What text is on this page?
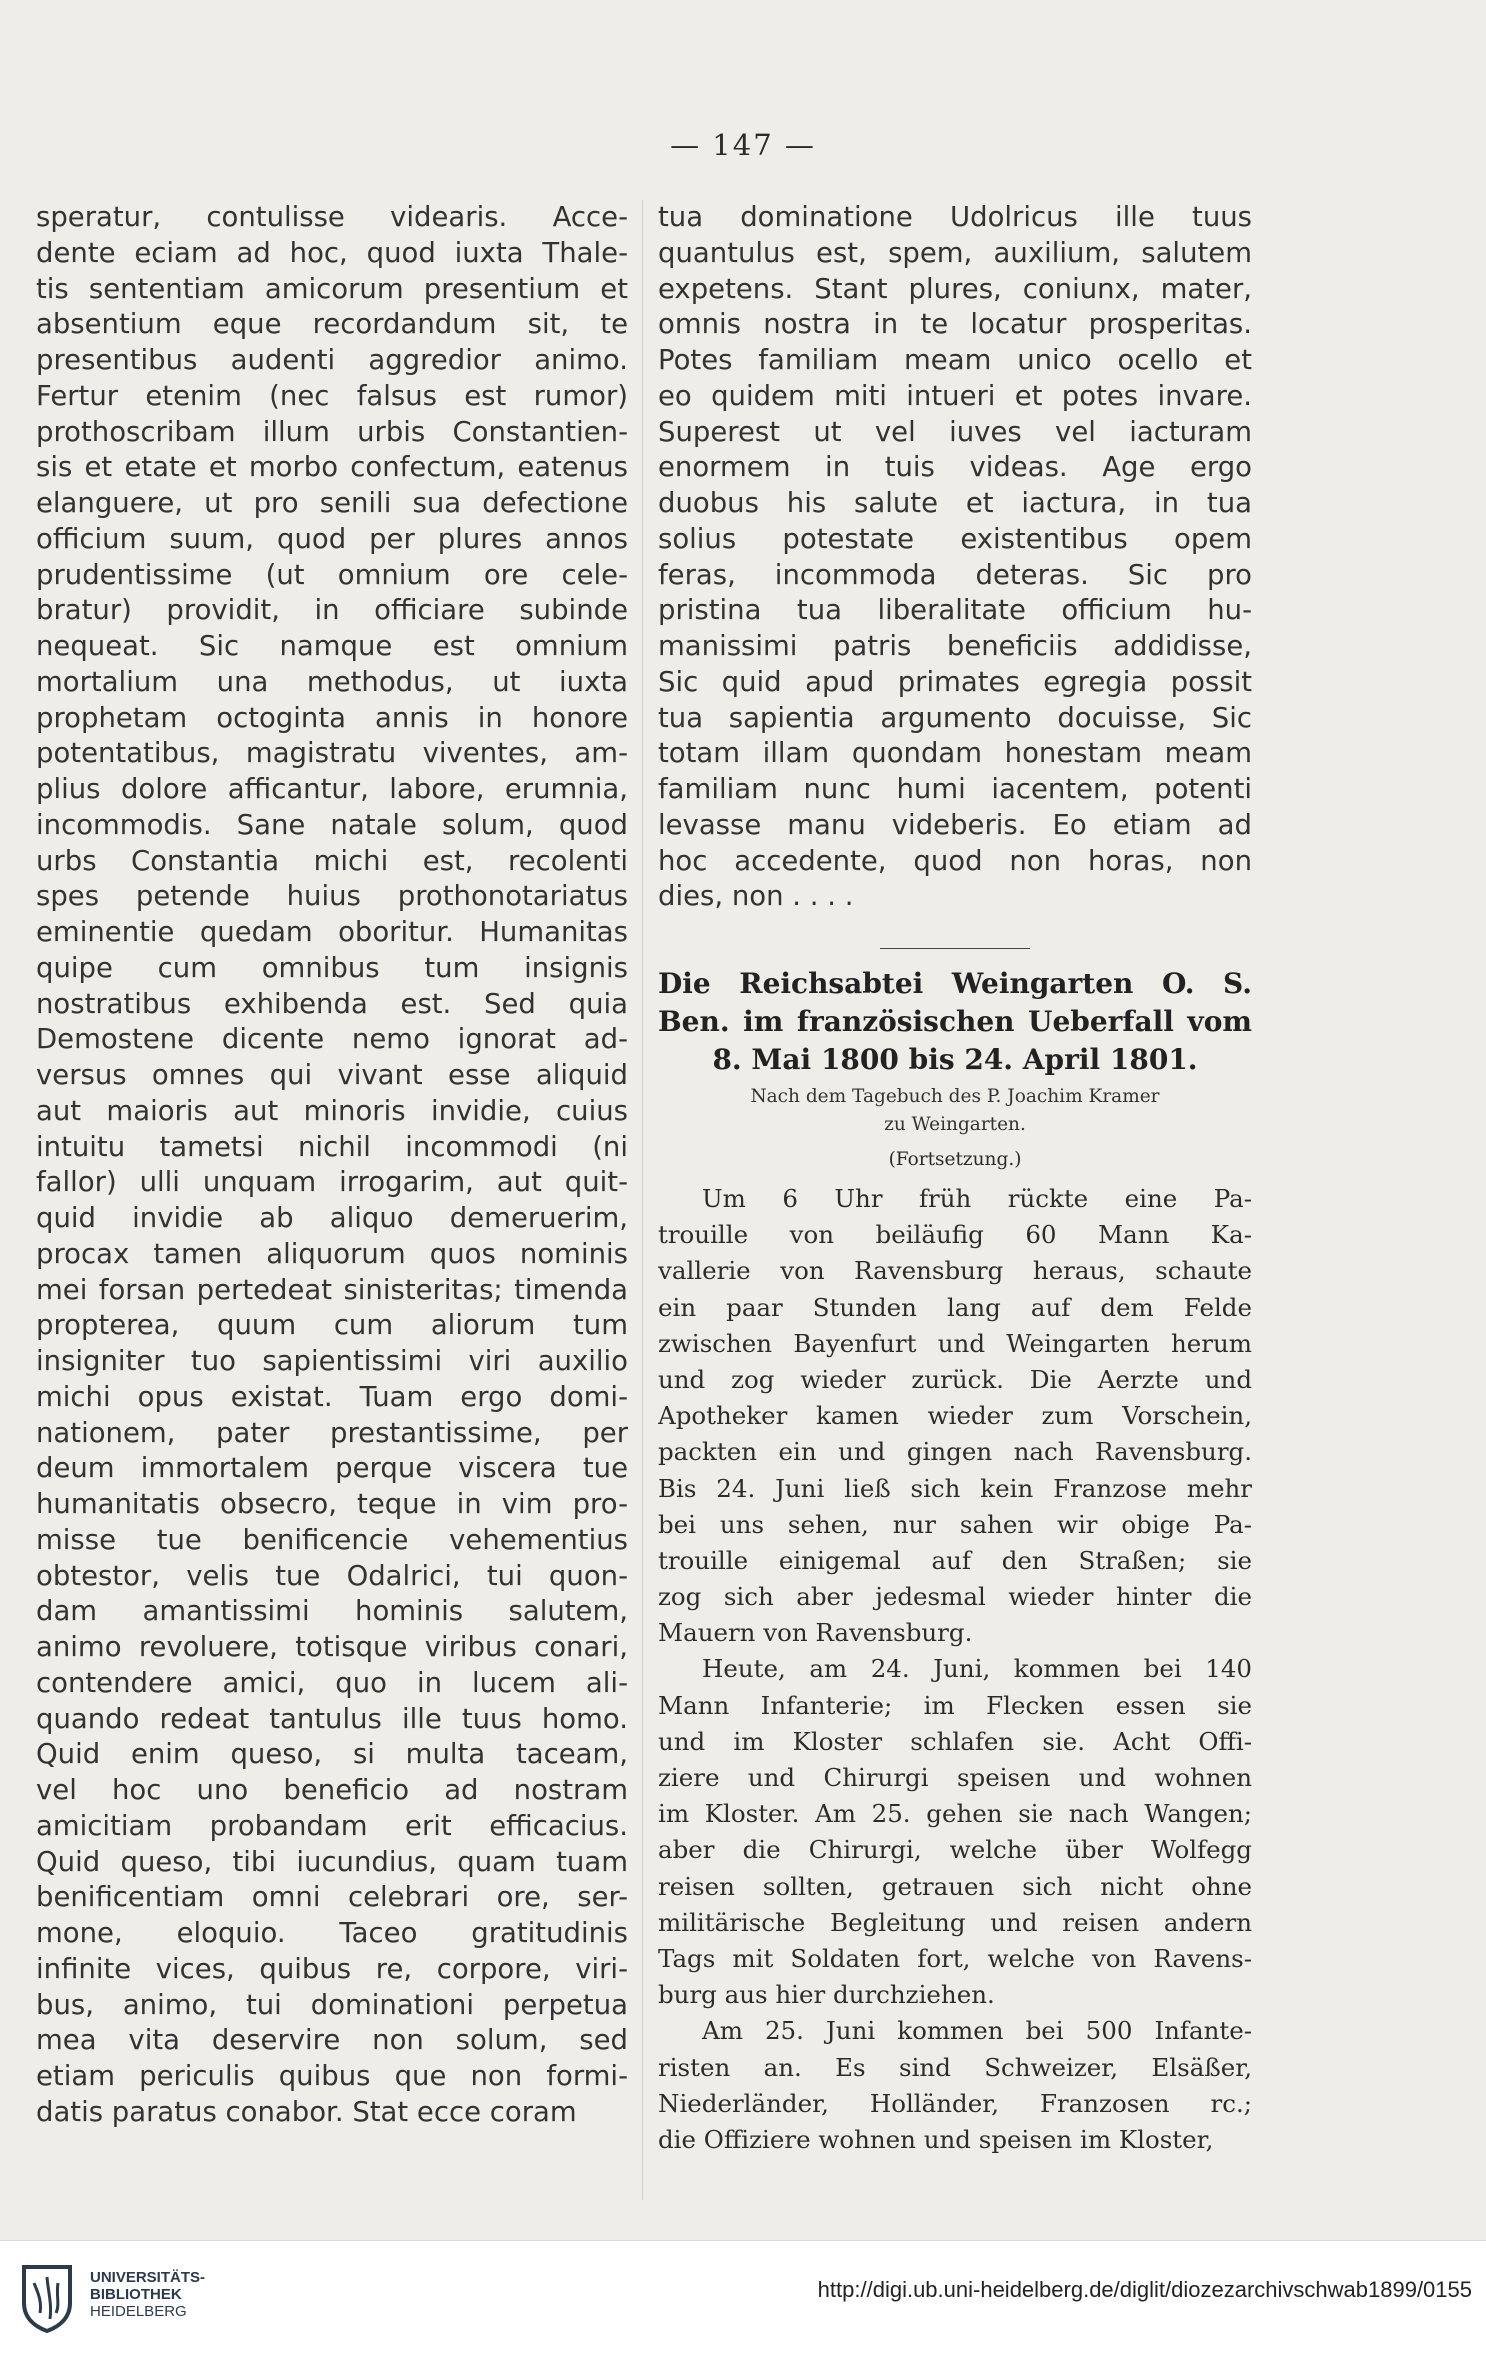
— 147 —
speratur, contulisse videaris. Acce-
dente eciam ad hoc, quod iuxta Thale-
tis sententiam amicorum presentium et
absentium eque recordandum sit, te
presentibus audenti aggredior animo.
Fertur etenim (nec falsus est rumor)
prothoscribam illum urbis Constantien-
sis et etate et morbo confectum, eatenus
elanguere, ut pro senili sua defectione
officium suum, quod per plures annos
prudentissime (ut omnium ore cele-
bratur) providit, in officiare subinde
nequeat. Sic namque est omnium
mortalium una methodus, ut iuxta
prophetam octoginta annis in honore
potentatibus, magistratu viventes, am-
plius dolore afficantur, labore, erumnia,
incommodis. Sane natale solum, quod
urbs Constantia michi est, recolenti
spes petende huius prothonotariatus
eminentie quedam oboritur. Humanitas
quipe cum omnibus tum insignis
nostratibus exhibenda est. Sed quia
Demostene dicente nemo ignorat ad-
versus omnes qui vivant esse aliquid
aut maioris aut minoris invidie, cuius
intuitu tametsi nichil incommodi (ni
fallor) ulli unquam irrogarim, aut quit-
quid invidie ab aliquo demeruerim,
procax tamen aliquorum quos nominis
mei forsan pertedeat sinisteritas; timenda
propterea, quum cum aliorum tum
insigniter tuo sapientissimi viri auxilio
michi opus existat. Tuam ergo domi-
nationem, pater prestantissime, per
deum immortalem perque viscera tue
humanitatis obsecro, teque in vim pro-
misse tue benificencie vehementius
obtestor, velis tue Odalrici, tui quon-
dam amantissimi hominis salutem,
animo revoluere, totisque viribus conari,
contendere amici, quo in lucem ali-
quando redeat tantulus ille tuus homo.
Quid enim queso, si multa taceam,
vel hoc uno beneficio ad nostram
amicitiam probandam erit efficacius.
Quid queso, tibi iucundius, quam tuam
benificentiam omni celebrari ore, ser-
mone, eloquio. Taceo gratitudinis
infinite vices, quibus re, corpore, viri-
bus, animo, tui dominationi perpetua
mea vita deservire non solum, sed
etiam periculis quibus que non formi-
datis paratus conabor. Stat ecce coram
tua dominatione Udolricus ille tuus
quantulus est, spem, auxilium, salutem
expetens. Stant plures, coniunx, mater,
omnis nostra in te locatur prosperitas.
Potes familiam meam unico ocello et
eo quidem miti intueri et potes invare.
Superest ut vel iuves vel iacturam
enormem in tuis videas. Age ergo
duobus his salute et iactura, in tua
solius potestate existentibus opem
feras, incommoda deteras. Sic pro
pristina tua liberalitate officium hu-
manissimi patris beneficiis addidisse,
Sic quid apud primates egregia possit
tua sapientia argumento docuisse, Sic
totam illam quondam honestam meam
familiam nunc humi iacentem, potenti
levasse manu videberis. Eo etiam ad
hoc accedente, quod non horas, non
dies, non . . . .
Die Reichsabtei Weingarten O. S.
Ben. im französischen Ueberfall vom
8. Mai 1800 bis 24. April 1801.
Nach dem Tagebuch des P. Joachim Kramer
zu Weingarten.
(Fortsetzung.)
Um 6 Uhr früh rückte eine Pa-
trouille von beiläufig 60 Mann Ka-
vallerie von Ravensburg heraus, schaute
ein paar Stunden lang auf dem Felde
zwischen Bayenfurt und Weingarten herum
und zog wieder zurück. Die Aerzte und
Apotheker kamen wieder zum Vorschein,
packten ein und gingen nach Ravensburg.
Bis 24. Juni ließ sich kein Franzose mehr
bei uns sehen, nur sahen wir obige Pa-
trouille einigemal auf den Straßen; sie
zog sich aber jedesmal wieder hinter die
Mauern von Ravensburg.
Heute, am 24. Juni, kommen bei 140
Mann Infanterie; im Flecken essen sie
und im Kloster schlafen sie. Acht Offi-
ziere und Chirurgi speisen und wohnen
im Kloster. Am 25. gehen sie nach Wangen;
aber die Chirurgi, welche über Wolfegg
reisen sollten, getrauen sich nicht ohne
militärische Begleitung und reisen andern
Tags mit Soldaten fort, welche von Ravens-
burg aus hier durchziehen.
Am 25. Juni kommen bei 500 Infante-
risten an. Es sind Schweizer, Elsäßer,
Niederländer, Holländer, Franzosen rc.;
die Offiziere wohnen und speisen im Kloster,
UNIVERSITÄTS-
BIBLIOTHEK
HEIDELBERG
http://digi.ub.uni-heidelberg.de/diglit/diozezarchivschwab1899/0155
